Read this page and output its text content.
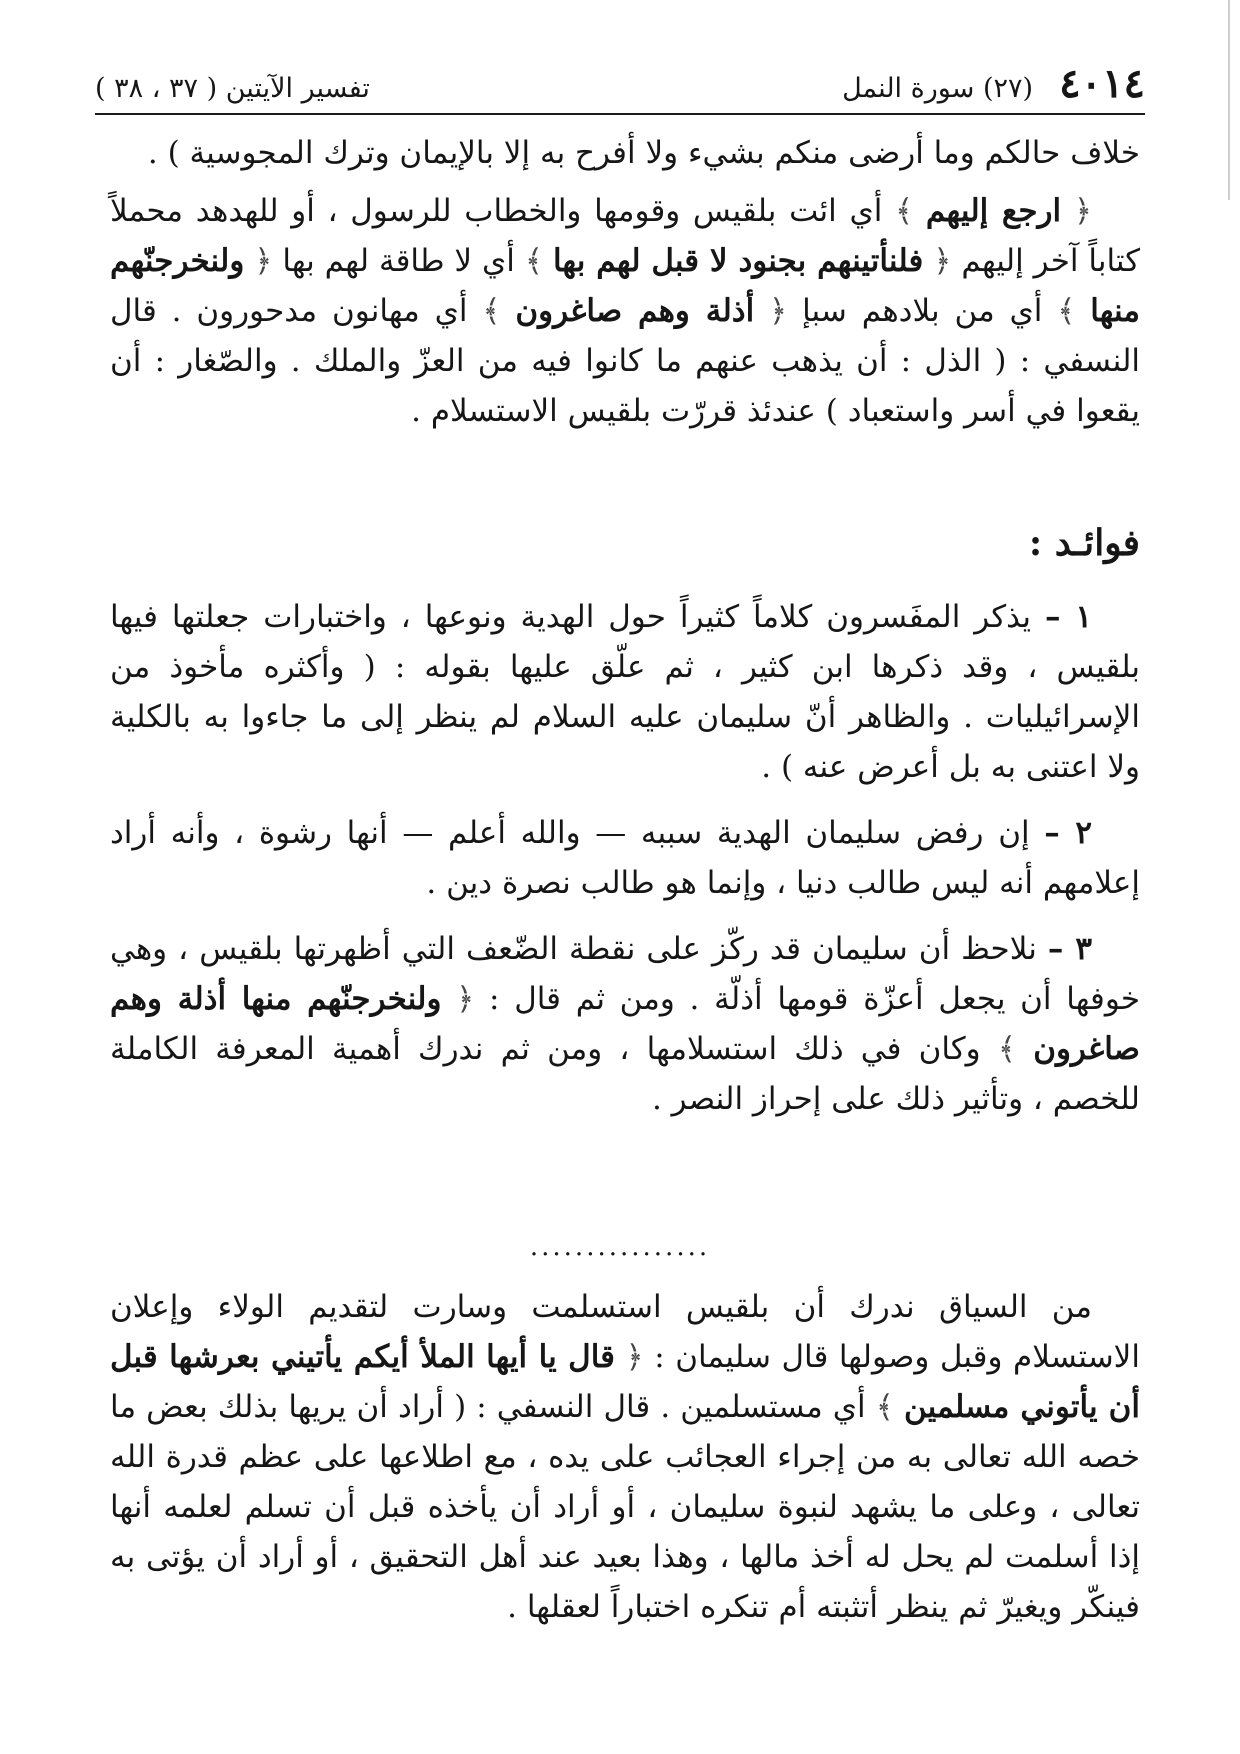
٤٠١٤
(٢٧) سورة النمل
تفسير الآيتين ( ٣٧ ، ٣٨ )

خلاف حالكم وما أرضى منكم بشيء ولا أفرح به إلا بالإيمان وترك المجوسية ) .

﴿ ارجع إليهم ﴾ أي ائت بلقيس وقومها والخطاب للرسول ، أو للهدهد محملاً كتاباً آخر إليهم ﴿ فلنأتينهم بجنود لا قبل لهم بها ﴾ أي لا طاقة لهم بها ﴿ ولنخرجنّهم منها ﴾ أي من بلادهم سبإ ﴿ أذلة وهم صاغرون ﴾ أي مهانون مدحورون . قال النسفي : ( الذل : أن يذهب عنهم ما كانوا فيه من العزّ والملك . والصّغار : أن يقعوا في أسر واستعباد ) عندئذ قررّت بلقيس الاستسلام .

فوائـد :

١ – يذكر المفَسرون كلاماً كثيراً حول الهدية ونوعها ، واختبارات جعلتها فيها بلقيس ، وقد ذكرها ابن كثير ، ثم علّق عليها بقوله : ( وأكثره مأخوذ من الإسرائيليات . والظاهر أنّ سليمان عليه السلام لم ينظر إلى ما جاءوا به بالكلية ولا اعتنى به بل أعرض عنه ) .

٢ – إن رفض سليمان الهدية سببه — والله أعلم — أنها رشوة ، وأنه أراد إعلامهم أنه ليس طالب دنيا ، وإنما هو طالب نصرة دين .

٣ – نلاحظ أن سليمان قد ركّز على نقطة الضّعف التي أظهرتها بلقيس ، وهي خوفها أن يجعل أعزّة قومها أذلّة . ومن ثم قال : ﴿ ولنخرجنّهم منها أذلة وهم صاغرون ﴾ وكان في ذلك استسلامها ، ومن ثم ندرك أهمية المعرفة الكاملة للخصم ، وتأثير ذلك على إحراز النصر .

................

من السياق ندرك أن بلقيس استسلمت وسارت لتقديم الولاء وإعلان الاستسلام وقبل وصولها قال سليمان : ﴿ قال يا أيها الملأ أيكم يأتيني بعرشها قبل أن يأتوني مسلمين ﴾ أي مستسلمين . قال النسفي : ( أراد أن يريها بذلك بعض ما خصه الله تعالى به من إجراء العجائب على يده ، مع اطلاعها على عظم قدرة الله تعالى ، وعلى ما يشهد لنبوة سليمان ، أو أراد أن يأخذه قبل أن تسلم لعلمه أنها إذا أسلمت لم يحل له أخذ مالها ، وهذا بعيد عند أهل التحقيق ، أو أراد أن يؤتى به فينكّر ويغيرّ ثم ينظر أتثبته أم تنكره اختباراً لعقلها .
